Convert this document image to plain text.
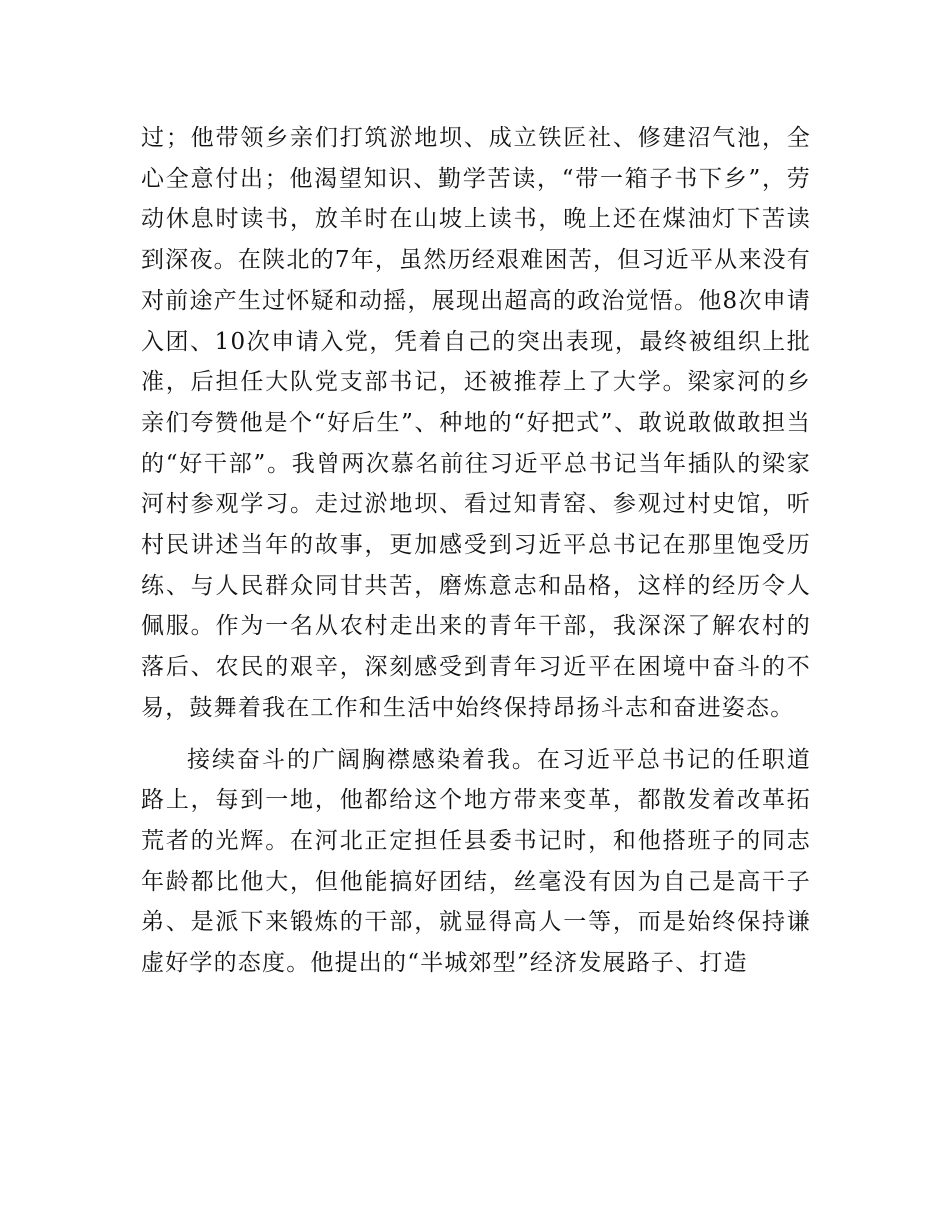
过；他带领乡亲们打筑淤地坝、成立铁匠社、修建沼气池，全心全意付出；他渴望知识、勤学苦读，“带一箱子书下乡”，劳动休息时读书，放羊时在山坡上读书，晚上还在煤油灯下苦读到深夜。在陕北的7年，虽然历经艰难困苦，但习近平从来没有对前途产生过怀疑和动摇，展现出超高的政治觉悟。他8次申请入团、10次申请入党，凭着自己的突出表现，最终被组织上批准，后担任大队党支部书记，还被推荐上了大学。梁家河的乡亲们夸赞他是个“好后生”、种地的“好把式”、敢说敢做敢担当的“好干部”。我曾两次慕名前往习近平总书记当年插队的梁家河村参观学习。走过淤地坝、看过知青窑、参观过村史馆，听村民讲述当年的故事，更加感受到习近平总书记在那里饱受历练、与人民群众同甘共苦，磨炼意志和品格，这样的经历令人佩服。作为一名从农村走出来的青年干部，我深深了解农村的落后、农民的艰辛，深刻感受到青年习近平在困境中奋斗的不易，鼓舞着我在工作和生活中始终保持昂扬斗志和奋进姿态。

接续奋斗的广阔胸襟感染着我。在习近平总书记的任职道路上，每到一地，他都给这个地方带来变革，都散发着改革拓荒者的光辉。在河北正定担任县委书记时，和他搭班子的同志年龄都比他大，但他能搞好团结，丝毫没有因为自己是高干子弟、是派下来锻炼的干部，就显得高人一等，而是始终保持谦虚好学的态度。他提出的“半城郊型”经济发展路子、打造
